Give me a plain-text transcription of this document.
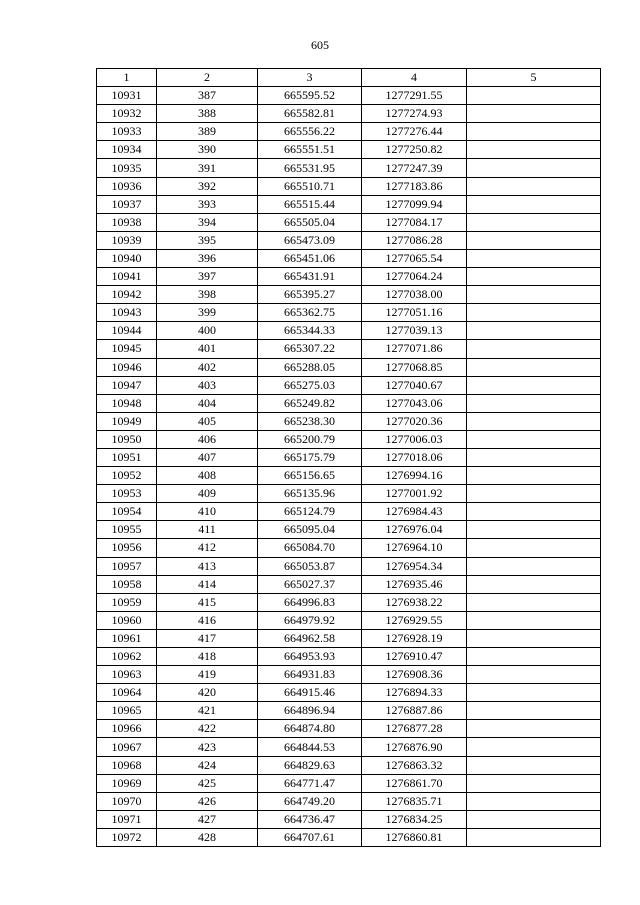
605
1	2	3	4	5
10931	387	665595.52	1277291.55	
10932	388	665582.81	1277274.93	
10933	389	665556.22	1277276.44	
10934	390	665551.51	1277250.82	
10935	391	665531.95	1277247.39	
10936	392	665510.71	1277183.86	
10937	393	665515.44	1277099.94	
10938	394	665505.04	1277084.17	
10939	395	665473.09	1277086.28	
10940	396	665451.06	1277065.54	
10941	397	665431.91	1277064.24	
10942	398	665395.27	1277038.00	
10943	399	665362.75	1277051.16	
10944	400	665344.33	1277039.13	
10945	401	665307.22	1277071.86	
10946	402	665288.05	1277068.85	
10947	403	665275.03	1277040.67	
10948	404	665249.82	1277043.06	
10949	405	665238.30	1277020.36	
10950	406	665200.79	1277006.03	
10951	407	665175.79	1277018.06	
10952	408	665156.65	1276994.16	
10953	409	665135.96	1277001.92	
10954	410	665124.79	1276984.43	
10955	411	665095.04	1276976.04	
10956	412	665084.70	1276964.10	
10957	413	665053.87	1276954.34	
10958	414	665027.37	1276935.46	
10959	415	664996.83	1276938.22	
10960	416	664979.92	1276929.55	
10961	417	664962.58	1276928.19	
10962	418	664953.93	1276910.47	
10963	419	664931.83	1276908.36	
10964	420	664915.46	1276894.33	
10965	421	664896.94	1276887.86	
10966	422	664874.80	1276877.28	
10967	423	664844.53	1276876.90	
10968	424	664829.63	1276863.32	
10969	425	664771.47	1276861.70	
10970	426	664749.20	1276835.71	
10971	427	664736.47	1276834.25	
10972	428	664707.61	1276860.81	
